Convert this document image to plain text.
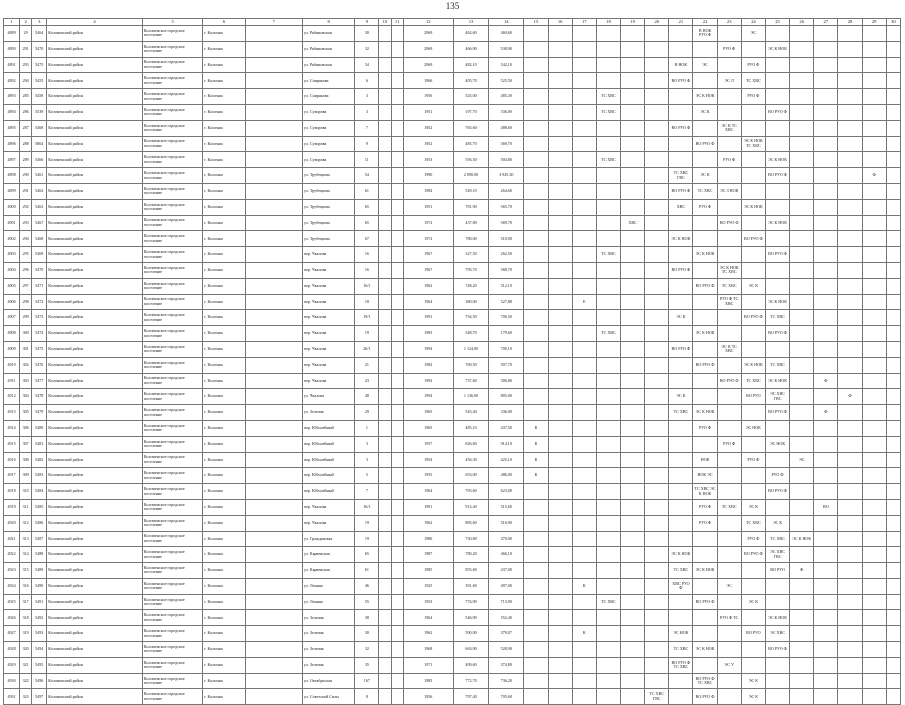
135
1	2	3	4	5	6	7	8	9	10	11	12	13	14	15	16	17	18	19	20	21	22	23	24	25	26	27	28	29	30
4889	29	5464	Коломенский район	Коломенское городское поселение	г. Коломна		ул. Рябиновская	30			2969	462,60	460,60								В НОК РУО Ф		ЭС						
4890	291	5470	Коломенский район	Коломенское городское поселение	г. Коломна		ул. Рябиновская	32			2969	466,90	538,90									РУО Ф		ЭС К НОК					
4891	293	5475	Коломенский район	Коломенское городское поселение	г. Коломна		ул. Рябиновская	34			2969	482,10	542,10							В НОК	ЭС		РУО Ф						
4892	294	5455	Коломенский район	Коломенское городское поселение	г. Коломна		ул. Спирякова	6			1966	405,70	525,50							ВО РУО Ф		ЭС Л	ТС ХВС						
4893	285	5458	Коломенский район	Коломенское городское поселение	г. Коломна		ул. Спирякова	3			1956	525,00	485,30				ТС ХВС				ЭС К НОК		РУО Ф						
4894	286	5539	Коломенский район	Коломенское городское поселение	г. Коломна		ул. Суворова	3			1951	197,70	336,00				ТС ХВС				ЭС К			ВО РУО Ф					
4895	287	5468	Коломенский район	Коломенское городское поселение	г. Коломна		ул. Суворова	7			1952	765,60	488,60							ВО РУО Ф		ЭС К ТС ХВС							
4896	288	5864	Коломенский район	Коломенское городское поселение	г. Коломна		ул. Суворова	9			1952	485,70	369,70								ВО РУО Ф		ЭС К НОК ТС ХВС						
4897	289	5466	Коломенский район	Коломенское городское поселение	г. Коломна		ул. Суворова	11			1953	556,50	504,80				ТС ХВС					РУО Ф		ЭС К НОК					
4898	290	5461	Коломенский район	Коломенское городское поселение	г. Коломна		ул. Трубецкова	54			1990	2 090,00	3 945,30							ТС ХВС ГВС	ЭС К			ВО РУО Ф				Ф	
4899	291	5462	Коломенский район	Коломенское городское поселение	г. Коломна		ул. Трубецкова	61			1984	549,10	264,60							ВО РУО Ф	ТС ХВС	ЭС З НОК							
4900	292	5463	Коломенский район	Коломенское городское поселение	г. Коломна		ул. Трубецкова	65			1951	781,90	565,70							ХВС	РУО Ф		ЭС К НОК						
4901	293	5467	Коломенский район	Коломенское городское поселение	г. Коломна		ул. Трубецкова	65			1972	437,80	569,70					ХВС				ВО РУО Ф		ЭС К НОК					
4902	294	5468	Коломенский район	Коломенское городское поселение	г. Коломна		ул. Трубецкова	67			1972	780,00	510,00							ЭС К НОК			ВО РУО Ф						
4903	295	5469	Коломенский район	Коломенское городское поселение	г. Коломна		пер. Чкалова	16			1967	327,50	262,50				ТС ХВС				ЭС К НОК			ВО РУО Ф					
4904	296	5470	Коломенский район	Коломенское городское поселение	г. Коломна		пер. Чкалова	16			1967	795,70	568,70							ВО РУО Ф		ЭС К НОК ТС ХВС							
4905	297	5471	Коломенский район	Коломенское городское поселение	г. Коломна		пер. Чкалова	16/1			1962	748,20	512,10								ВО РУО Ф	ТС ХВС	ЭС К						
4906	298	5472	Коломенский район	Коломенское городское поселение	г. Коломна		пер. Чкалова	18			1964	380,00	527,88			Е						РУО Ф ТС ХВС		ЭС К НОК					
4907	299	5473	Коломенский район	Коломенское городское поселение	г. Коломна		пер. Чкалова	19/1			1991	754,50	706,50							ЭС К			ВО РУО Ф	ТС ХВС					
4908	300	5474	Коломенский район	Коломенское городское поселение	г. Коломна		пер. Чкалова	19			1983	548,70	179,60				ТС ХВС				ЭС К НОК			ВО РУО Ф					
4909	301	5475	Коломенский район	Коломенское городское поселение	г. Коломна		пер. Чкалова	20/1			1994	1 124,00	700,10							ВО РУО Ф		ЭС К ТС ХВС							
4910	302	5476	Коломенский район	Коломенское городское поселение	г. Коломна		пер. Чкалова	21			1982	769,50	507,70								ВО РУО Ф		ЭС К НОК	ТС ХВС					
4911	303	5477	Коломенский район	Коломенское городское поселение	г. Коломна		пер. Чкалова	23			1992	737,60	306,80									ВО РУО Ф	ТС ХВС	ЭС К НОК		Ф			
4912	304	5478	Коломенский район	Коломенское городское поселение	г. Коломна		ул. Чкалова	48			1994	1 136,00	805,00							ЭС К			ВО РУО	ЭС ХВС ГВС			Ф		
4913	305	5479	Коломенский район	Коломенское городское поселение	г. Коломна		ул. Зеленая	29			1965	545,40	336,00							ТС ХВС	ЭС К НОК			ВО РУО Ф		Ф			
4914	306	5480	Коломенский район	Коломенское городское поселение	г. Коломна		пер. Юбилейный	1			1965	485,10	437,50	К							РУО Ф		ЭС НОК						
4915	307	5481	Коломенский район	Коломенское городское поселение	г. Коломна		пер. Юбилейный	3			1957	826,60	914,10	К								РУО Ф		ЭС НОК					
4916	308	5482	Коломенский район	Коломенское городское поселение	г. Коломна		пер. Юбилейный	3			1954	456,30	425,10	К							НОК		РУО Ф		ЭС				
4917	309	5483	Коломенский район	Коломенское городское поселение	г. Коломна		пер. Юбилейный	5			1955	653,00	486,00	К							НОК ЭС			РУО Ф					
4918	310	5484	Коломенский район	Коломенское городское поселение	г. Коломна		пер. Юбилейный	7			1964	705,60	623,00								ТС ХВС ЭС К НОК			ВО РУО Ф					
4919	311	5485	Коломенский район	Коломенское городское поселение	г. Коломна		пер. Чкалова	16/1			1991	913,40	515,60								РУО Ф	ТС ХВС	ЭС К			ВО			
4920	312	5486	Коломенский район	Коломенское городское поселение	г. Коломна		пер. Чкалова	19			1962	885,60	516,90								РУО Ф		ТС ХВС	ЭС К					
4921	313	5487	Коломенский район	Коломенское городское поселение	г. Коломна		ул. Гражданская	19			1986	730,80	470,00										РУО Ф	ТС ХВС	ЭС К НОК				
4922	314	5488	Коломенский район	Коломенское городское поселение	г. Коломна		ул. Карвенская	65			1987	780,20	466,10							ЭС К НОК			ВО РУО Ф	ЭС ХВС ГВС					
4923	315	5489	Коломенский район	Коломенское городское поселение	г. Коломна		ул. Карвенская	61			1985	855,60	437,00							ТС ХВС	ЭС К НОК			ВО РУО	Ф				
4924	316	5490	Коломенский район	Коломенское городское поселение	г. Коломна		ул. Ленина	46			1925	391,60	497,00			К				ХВС РУО Ф		ЭС							
4925	317	5491	Коломенский район	Коломенское городское поселение	г. Коломна		ул. Ленина	55			1953	774,90	713,90				ТС ХВС				ВО РУО Ф		ЭС К						
4926	318	5492	Коломенский район	Коломенское городское поселение	г. Коломна		ул. Зеленая	38			1964	546,90	552,40									РУО Ф ТС		ЭС К НОК					
4927	319	5493	Коломенский район	Коломенское городское поселение	г. Коломна		ул. Зеленая	30			1962	590,00	379,07			К				ЭС НОК			ВО РУО	ЭС ХВС					
4928	320	5494	Коломенский район	Коломенское городское поселение	г. Коломна		ул. Зеленая	32			1968	663,90	528,90							ТС ХВС	ЭС К НОК			ВО РУО Ф					
4929	321	5495	Коломенский район	Коломенское городское поселение	г. Коломна		ул. Зеленая	35			1971	409,60	374,80							ВО РУО Ф ТС ХВС		ЭС У							
4930	322	5496	Коломенский район	Коломенское городское поселение	г. Коломна		ул. Октябрьская	167			1985	772,70	736,20								ВО РУО Ф ТС ХВС		ЭС К						
4931	323	5497	Коломенский район	Коломенское городское поселение	г. Коломна		ул. Советской Силы	8			1956	797,40	705,60						ТС ХВС ГВС		ВО РУО Ф		ЭС К						
